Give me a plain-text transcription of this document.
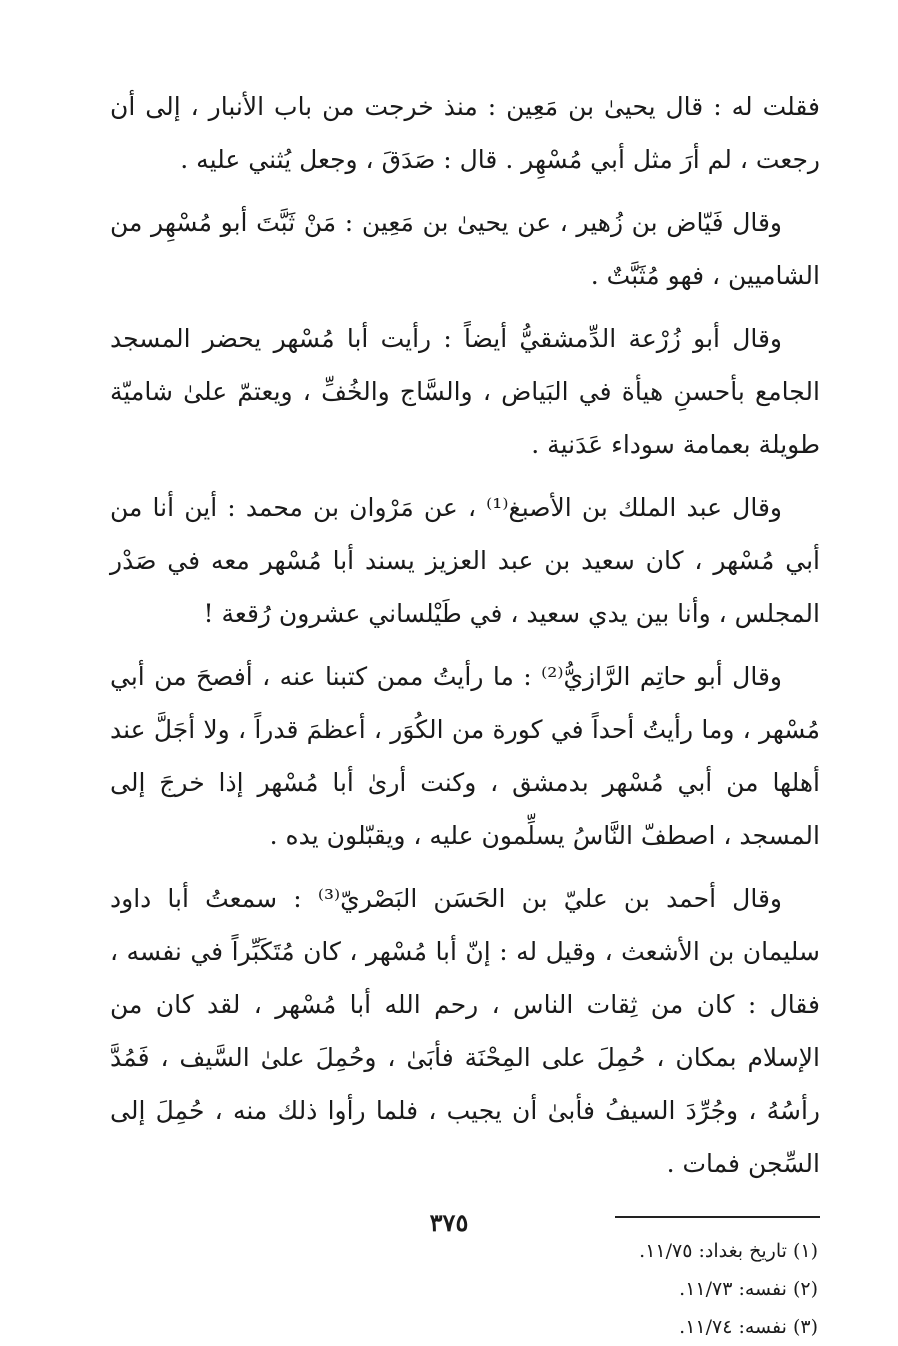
فقلت له : قال يحيىٰ بن مَعِين : منذ خرجت من باب الأنبار ، إلى أن رجعت ، لم أرَ مثل أبي مُسْهِر . قال : صَدَقَ ، وجعل يُثني عليه .

وقال فَيّاض بن زُهير ، عن يحيىٰ بن مَعِين : مَنْ ثَبَّتَ أبو مُسْهِر من الشاميين ، فهو مُثَبَّتٌ .

وقال أبو زُرْعة الدِّمشقيُّ أيضاً : رأيت أبا مُسْهر يحضر المسجد الجامع بأحسنِ هيأة في البَياض ، والسَّاج والخُفِّ ، ويعتمّ علىٰ شاميّة طويلة بعمامة سوداء عَدَنية .

وقال عبد الملك بن الأصبغ⁽¹⁾ ، عن مَرْوان بن محمد : أين أنا من أبي مُسْهر ، كان سعيد بن عبد العزيز يسند أبا مُسْهر معه في صَدْر المجلس ، وأنا بين يدي سعيد ، في طَيْلساني عشرون رُقعة !

وقال أبو حاتِم الرَّازيُّ⁽²⁾ : ما رأيتُ ممن كتبنا عنه ، أفصحَ من أبي مُسْهر ، وما رأيتُ أحداً في كورة من الكُوَر ، أعظمَ قدراً ، ولا أجَلَّ عند أهلها من أبي مُسْهر بدمشق ، وكنت أرىٰ أبا مُسْهر إذا خرجَ إلى المسجد ، اصطفّ النَّاسُ يسلِّمون عليه ، ويقبّلون يده .

وقال أحمد بن عليّ بن الحَسَن البَصْريّ⁽³⁾ : سمعتُ أبا داود سليمان بن الأشعث ، وقيل له : إنّ أبا مُسْهر ، كان مُتَكَبِّراً في نفسه ، فقال : كان من ثِقات الناس ، رحم الله أبا مُسْهر ، لقد كان من الإسلام بمكان ، حُمِلَ على المِحْنَة فأبَىٰ ، وحُمِلَ علىٰ السَّيف ، فَمُدَّ رأسُهُ ، وجُرِّدَ السيفُ فأبىٰ أن يجيب ، فلما رأوا ذلك منه ، حُمِلَ إلى السِّجن فمات .

(١) تاريخ بغداد: ١١/٧٥.

(٢) نفسه: ١١/٧٣.

(٣) نفسه: ١١/٧٤.

٣٧٥
